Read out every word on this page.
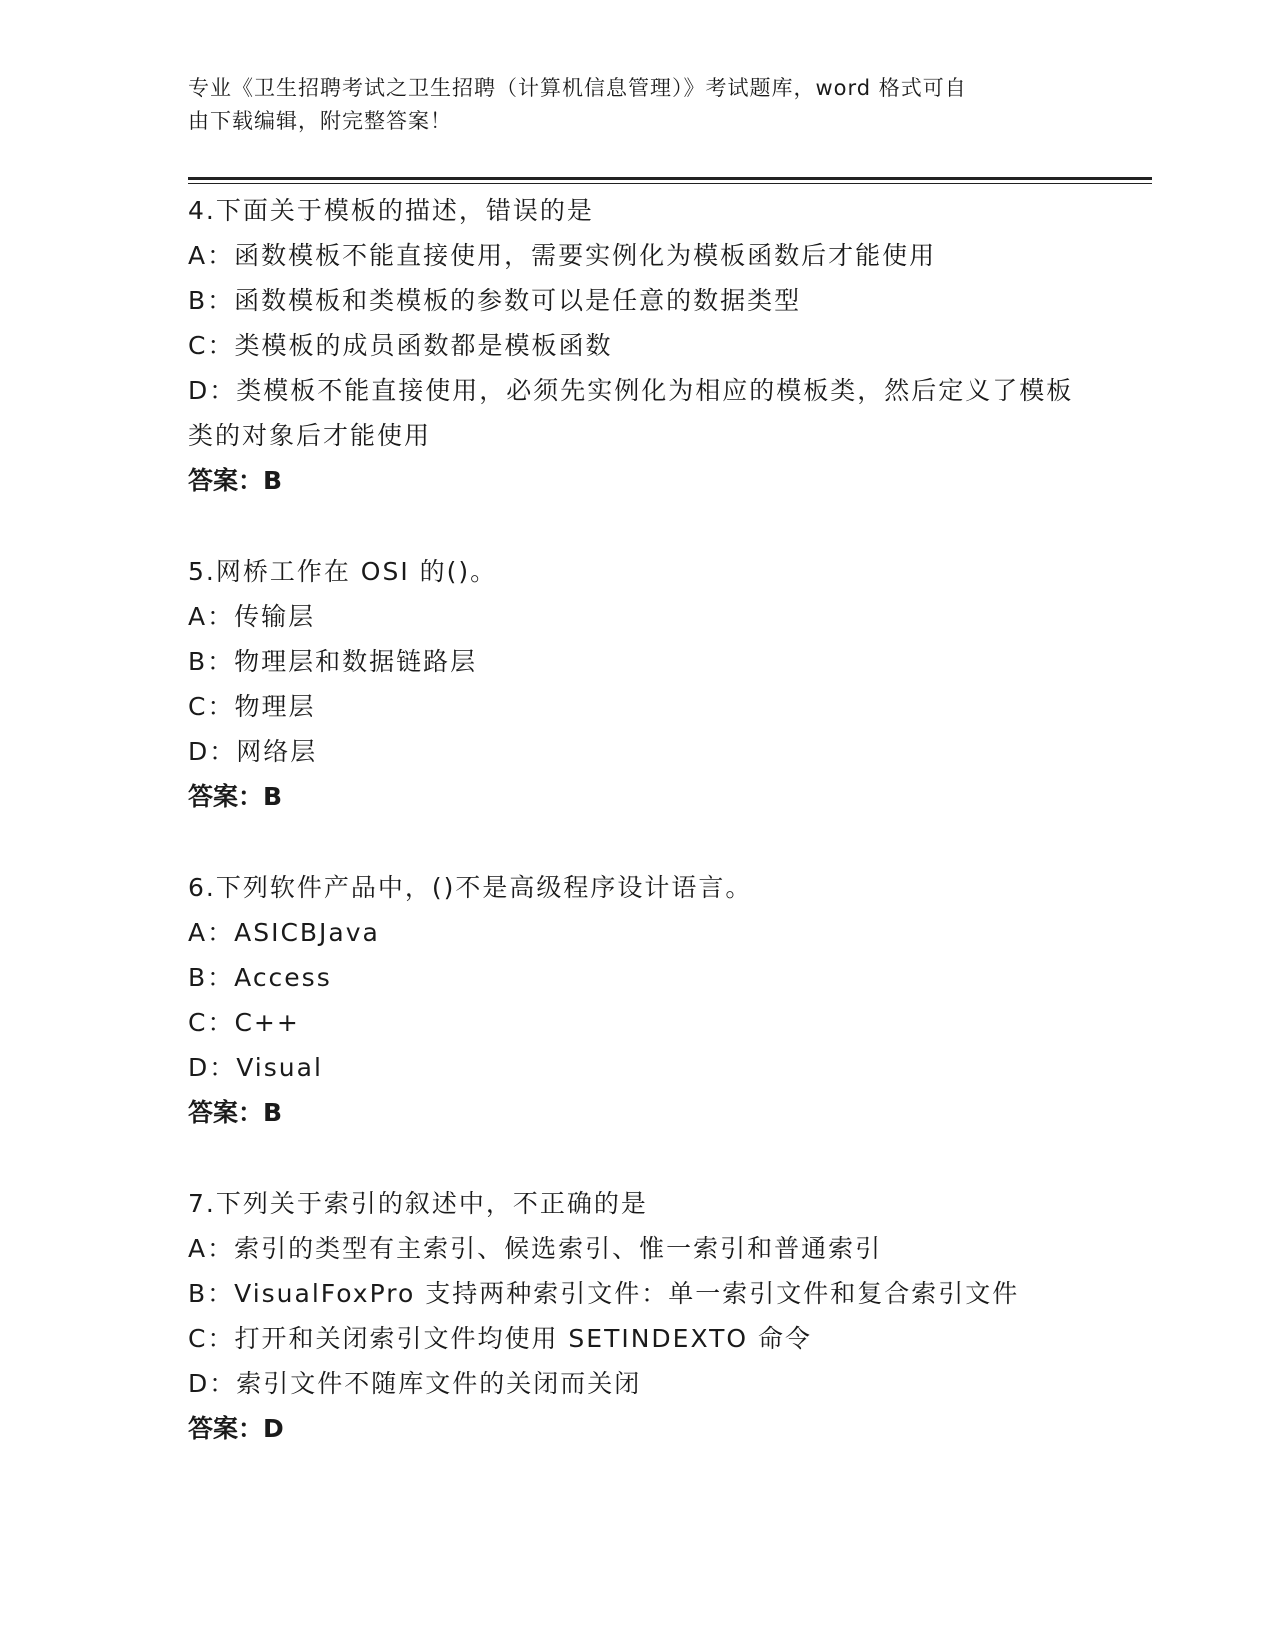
专业《卫生招聘考试之卫生招聘（计算机信息管理）》考试题库，word 格式可自
由下载编辑，附完整答案！
4.下面关于模板的描述，错误的是
A：函数模板不能直接使用，需要实例化为模板函数后才能使用
B：函数模板和类模板的参数可以是任意的数据类型
C：类模板的成员函数都是模板函数
D：类模板不能直接使用，必须先实例化为相应的模板类，然后定义了模板类的对象后才能使用
答案：B
5.网桥工作在 OSI 的()。
A：传输层
B：物理层和数据链路层
C：物理层
D：网络层
答案：B
6.下列软件产品中，()不是高级程序设计语言。
A：ASICBJava
B：Access
C：C++
D：Visual
答案：B
7.下列关于索引的叙述中，不正确的是
A：索引的类型有主索引、候选索引、惟一索引和普通索引
B：VisualFoxPro 支持两种索引文件：单一索引文件和复合索引文件
C：打开和关闭索引文件均使用 SETINDEXTO 命令
D：索引文件不随库文件的关闭而关闭
答案：D
